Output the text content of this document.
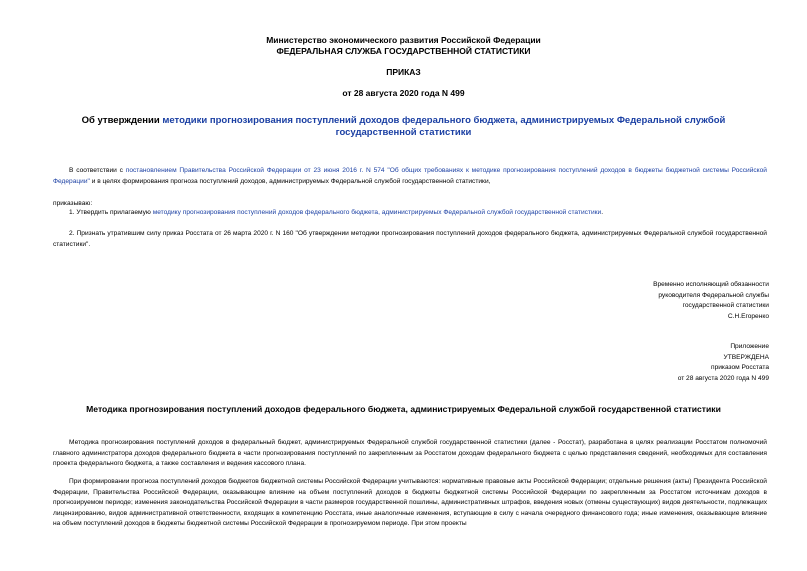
Министерство экономического развития Российской Федерации
ФЕДЕРАЛЬНАЯ СЛУЖБА ГОСУДАРСТВЕННОЙ СТАТИСТИКИ
ПРИКАЗ
от 28 августа 2020 года N 499
Об утверждении методики прогнозирования поступлений доходов федерального бюджета, администрируемых Федеральной службой государственной статистики
В соответствии с постановлением Правительства Российской Федерации от 23 июня 2016 г. N 574 "Об общих требованиях к методике прогнозирования поступлений доходов в бюджеты бюджетной системы Российской Федерации" и в целях формирования прогноза поступлений доходов, администрируемых Федеральной службой государственной статистики,
приказываю:
1. Утвердить прилагаемую методику прогнозирования поступлений доходов федерального бюджета, администрируемых Федеральной службой государственной статистики.
2. Признать утратившим силу приказ Росстата от 26 марта 2020 г. N 160 "Об утверждении методики прогнозирования поступлений доходов федерального бюджета, администрируемых Федеральной службой государственной статистики".
Временно исполняющий обязанности
руководителя Федеральной службы
государственной статистики
С.Н.Егоренко
Приложение
УТВЕРЖДЕНА
приказом Росстата
от 28 августа 2020 года N 499
Методика прогнозирования поступлений доходов федерального бюджета, администрируемых Федеральной службой государственной статистики
Методика прогнозирования поступлений доходов в федеральный бюджет, администрируемых Федеральной службой государственной статистики (далее - Росстат), разработана в целях реализации Росстатом полномочий главного администратора доходов федерального бюджета в части прогнозирования поступлений по закрепленным за Росстатом доходам федерального бюджета с целью представления сведений, необходимых для составления проекта федерального бюджета, а также составления и ведения кассового плана.
При формировании прогноза поступлений доходов бюджетов бюджетной системы Российской Федерации учитываются: нормативные правовые акты Российской Федерации; отдельные решения (акты) Президента Российской Федерации, Правительства Российской Федерации, оказывающие влияние на объем поступлений доходов в бюджеты бюджетной системы Российской Федерации по закрепленным за Росстатом источникам доходов в прогнозируемом периоде; изменения законодательства Российской Федерации в части размеров государственной пошлины, административных штрафов, введения новых (отмены существующих) видов деятельности, подлежащих лицензированию, видов административной ответственности, входящих в компетенцию Росстата, иные аналогичные изменения, вступающие в силу с начала очередного финансового года; иные изменения, оказывающие влияние на объем поступлений доходов в бюджеты бюджетной системы Российской Федерации в прогнозируемом периоде. При этом проекты
